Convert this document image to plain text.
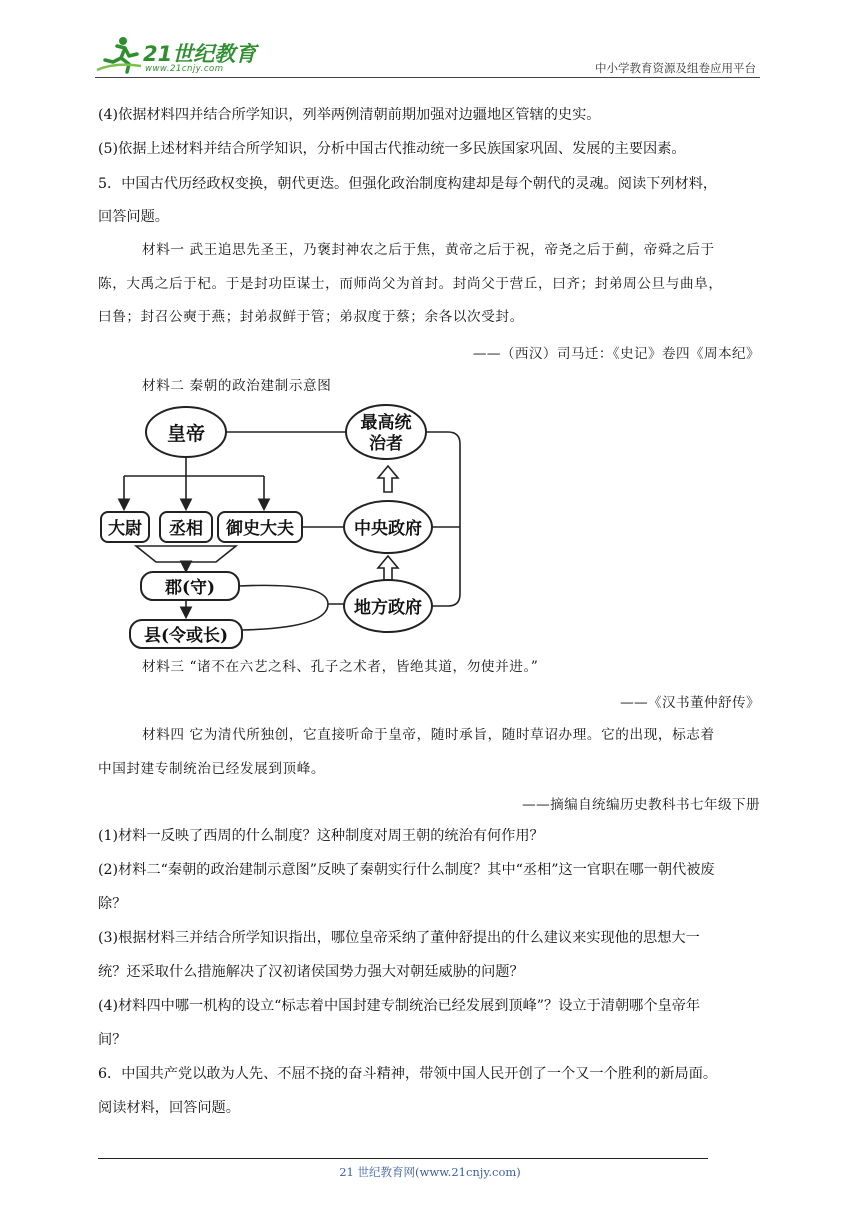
21世纪教育
www.21cnjy.com	中小学教育资源及组卷应用平台
(4)依据材料四并结合所学知识，列举两例清朝前期加强对边疆地区管辖的史实。
(5)依据上述材料并结合所学知识，分析中国古代推动统一多民族国家巩固、发展的主要因素。
5．中国古代历经政权变换，朝代更迭。但强化政治制度构建却是每个朝代的灵魂。阅读下列材料，
回答问题。
材料一 武王追思先圣王，乃褒封神农之后于焦，黄帝之后于祝，帝尧之后于蓟，帝舜之后于
陈，大禹之后于杞。于是封功臣谋士，而师尚父为首封。封尚父于营丘，曰齐；封弟周公旦与曲阜，
曰鲁；封召公奭于燕；封弟叔鲜于管；弟叔度于蔡；余各以次受封。
——（西汉）司马迁：《史记》卷四《周本纪》
材料二 秦朝的政治建制示意图
皇帝	最高统
治者
大尉 丞相 御史大夫	中央政府
郡(守)
县(令或长)
地方政府
材料三 “诸不在六艺之科、孔子之术者，皆绝其道，勿使并进。”
——《汉书董仲舒传》
材料四 它为清代所独创，它直接听命于皇帝，随时承旨，随时草诏办理。它的出现，标志着
中国封建专制统治已经发展到顶峰。
——摘编自统编历史教科书七年级下册
(1)材料一反映了西周的什么制度？这种制度对周王朝的统治有何作用？
(2)材料二“秦朝的政治建制示意图”反映了秦朝实行什么制度？其中“丞相”这一官职在哪一朝代被废
除？
(3)根据材料三并结合所学知识指出，哪位皇帝采纳了董仲舒提出的什么建议来实现他的思想大一
统？还采取什么措施解决了汉初诸侯国势力强大对朝廷威胁的问题？
(4)材料四中哪一机构的设立“标志着中国封建专制统治已经发展到顶峰”？设立于清朝哪个皇帝年
间？
6．中国共产党以敢为人先、不屈不挠的奋斗精神，带领中国人民开创了一个又一个胜利的新局面。
阅读材料，回答问题。
21 世纪教育网(www.21cnjy.com)
